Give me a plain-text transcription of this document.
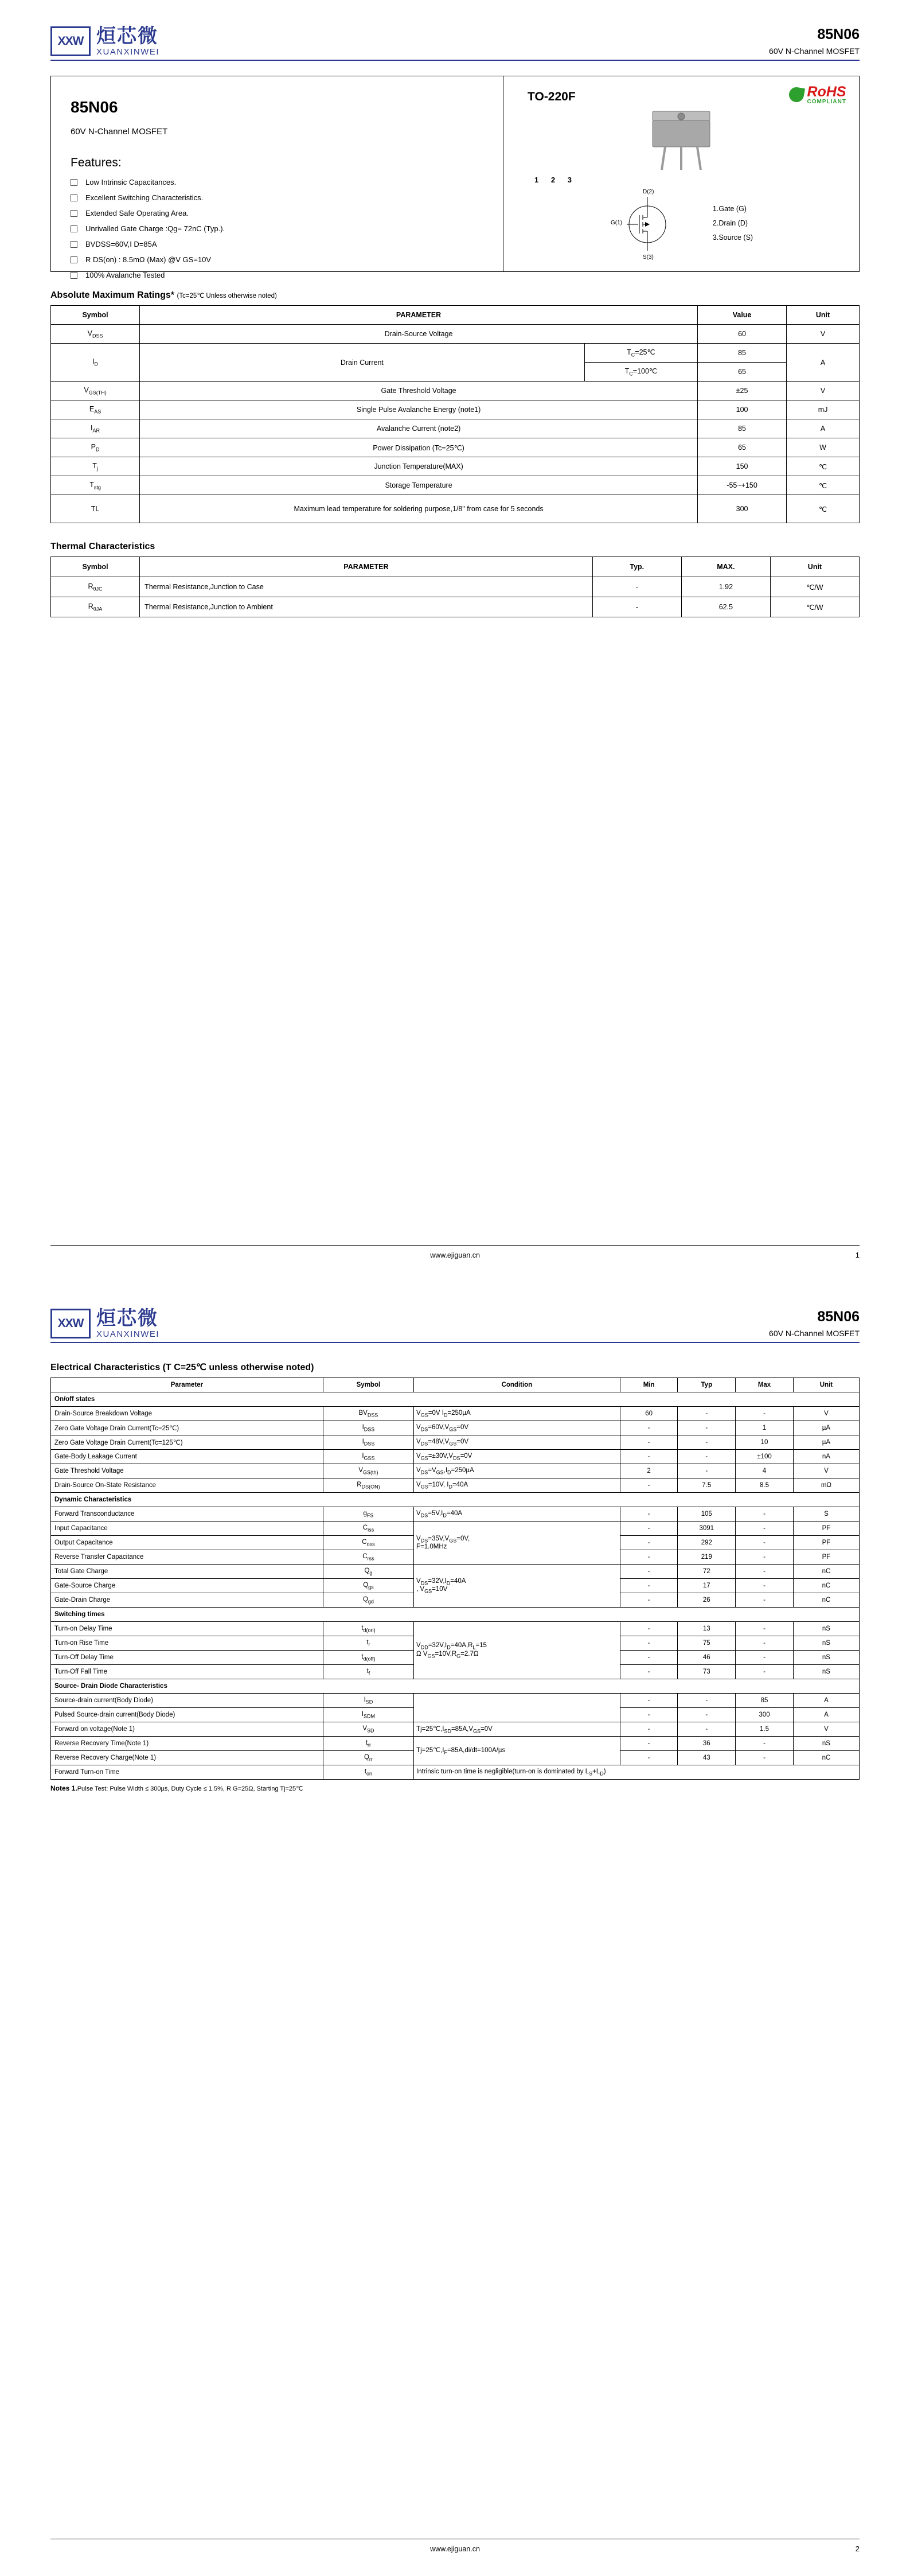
XXW 烜芯微
XUANXINWEI
85N06
60V N-Channel MOSFET
85N06
60V N-Channel MOSFET
Features:
Low Intrinsic Capacitances.
Excellent Switching Characteristics.
Extended Safe Operating Area.
Unrivalled Gate Charge :Qg= 72nC (Typ.).
BVDSS=60V,I D=85A
R DS(on) : 8.5mΩ (Max) @V GS=10V
100% Avalanche Tested
TO-220F	RoHS
COMPLIANT
1 2 3
D(2)
G(1)
S(3)
1.Gate (G)
2.Drain (D)
3.Source (S)
Absolute Maximum Ratings* (Tc=25℃ Unless otherwise noted)
Symbol	PARAMETER		Value	Unit
$V_{DSS}$	Drain-Source Voltage		60	V
$I_D$	Drain Current	$T_C=25℃$	85	A
		$T_C=100℃$	65	
$V_{GS(TH)}$	Gate Threshold Voltage		±25	V
$E_{AS}$	Single Pulse Avalanche Energy (note1)		100	mJ
$I_{AR}$	Avalanche Current (note2)		85	A
$P_D$	Power Dissipation (Tc=25℃)		65	W
$T_j$	Junction Temperature(MAX)		150	℃
$T_{stg}$	Storage Temperature		-55~+150	℃
TL	Maximum lead temperature for soldering purpose,1/8" from case for 5 seconds		300	℃
Thermal Characteristics
Symbol	PARAMETER	Typ.	MAX.	Unit
$R_{\theta JC}$	Thermal Resistance,Junction to Case	-	1.92	℃/W
$R_{\theta JA}$	Thermal Resistance,Junction to Ambient	-	62.5	℃/W
www.ejiguan.cn	1
XXW 烜芯微
XUANXINWEI
85N06
60V N-Channel MOSFET
Electrical Characteristics (T C=25℃ unless otherwise noted)
Parameter	Symbol	Condition	Min	Typ	Max	Unit
On/off states						
Drain-Source Breakdown Voltage	$BV_{DSS}$	$V_{GS}=0V$ $I_D=250\mu A$	60	-	-	V
Zero Gate Voltage Drain Current(Tc=25℃)	$I_{DSS}$	$V_{DS}=60V,V_{GS}=0V$	-	-	1	µA
Zero Gate Voltage Drain Current(Tc=125℃)	$I_{DSS}$	$V_{DS}=48V,V_{GS}=0V$	-	-	10	µA
Gate-Body Leakage Current	$I_{GSS}$	$V_{GS}=\pm 30V,V_{DS}=0V$	-	-	±100	nA
Gate Threshold Voltage	$V_{GS(th)}$	$V_{DS}=V_{GS},I_D=250\mu A$	2	-	4	V
Drain-Source On-State Resistance	$R_{DS(ON)}$	$V_{GS}=10V$, $I_D=40A$	-	7.5	8.5	mΩ
Dynamic Characteristics						
Forward Transconductance	$g_{FS}$	$V_{DS}=5V,I_D=40A$	-	105	-	S
Input Capacitance	$C_{iss}$	$V_{DS}=35V,V_{GS}=0V$,
F=1.0MHz	-	3091	-	PF
Output Capacitance	$C_{oss}$		-	292	-	PF
Reverse Transfer Capacitance	$C_{rss}$		-	219	-	PF
Total Gate Charge	$Q_g$	$V_{DS}=32V,I_D=40A$
, $V_{GS}=10V$	-	72	-	nC
Gate-Source Charge	$Q_{gs}$		-	17	-	nC
Gate-Drain Charge	$Q_{gd}$		-	26	-	nC
Switching times						
Turn-on Delay Time	$t_{d(on)}$	$V_{DD}=32V,I_D=40A,R_L=15$
Ω $V_{GS}=10V,R_G=2.7\Omega$	-	13	-	nS
Turn-on Rise Time	$t_r$		-	75	-	nS
Turn-Off Delay Time	$t_{d(off)}$		-	46	-	nS
Turn-Off Fall Time	$t_f$		-	73	-	nS
Source- Drain Diode Characteristics						
Source-drain current(Body Diode)	$I_{SD}$		-	-	85	A
Pulsed Source-drain current(Body Diode)	$I_{SDM}$		-	-	300	A
Forward on voltage(Note 1)	$V_{SD}$	$Tj=25℃,I_{SD}=85A,V_{GS}=0V$	-	-	1.5	V
Reverse Recovery Time(Note 1)	$t_{rr}$	$Tj=25℃,I_F=85A,di/dt=100A/\mu s$	-	36	-	nS
Reverse Recovery Charge(Note 1)	$Q_{rr}$		-	43	-	nC
Forward Turn-on Time	$t_{on}$	Intrinsic turn-on time is negligible(turn-on is dominated by $L_S+L_D$)				
Notes 1.Pulse Test: Pulse Width ≤ 300µs, Duty Cycle ≤ 1.5%, R G=25Ω, Starting Tj=25℃
www.ejiguan.cn	2
